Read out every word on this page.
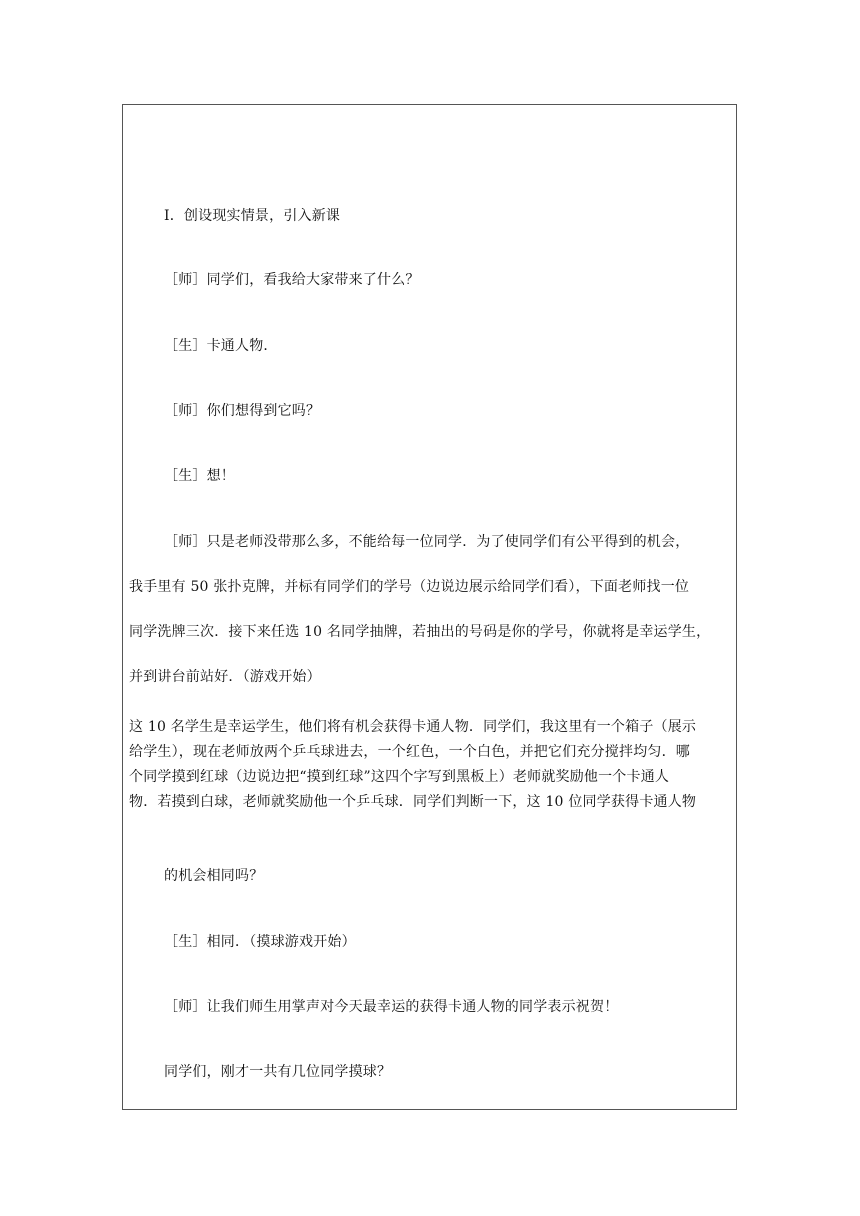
Ⅰ．创设现实情景，引入新课
［师］同学们，看我给大家带来了什么？
［生］卡通人物．
［师］你们想得到它吗？
［生］想！
［师］只是老师没带那么多，不能给每一位同学．为了使同学们有公平得到的机会，
我手里有 50 张扑克牌，并标有同学们的学号（边说边展示给同学们看），下面老师找一位
同学洗牌三次．接下来任选 10 名同学抽牌，若抽出的号码是你的学号，你就将是幸运学生，
并到讲台前站好．（游戏开始）
这 10 名学生是幸运学生，他们将有机会获得卡通人物．同学们，我这里有一个箱子（展示
给学生），现在老师放两个乒乓球进去，一个红色，一个白色，并把它们充分搅拌均匀．哪
个同学摸到红球（边说边把“摸到红球”这四个字写到黑板上）老师就奖励他一个卡通人
物．若摸到白球，老师就奖励他一个乒乓球．同学们判断一下，这 10 位同学获得卡通人物
的机会相同吗？
［生］相同．（摸球游戏开始）
［师］让我们师生用掌声对今天最幸运的获得卡通人物的同学表示祝贺！
同学们，刚才一共有几位同学摸球？
